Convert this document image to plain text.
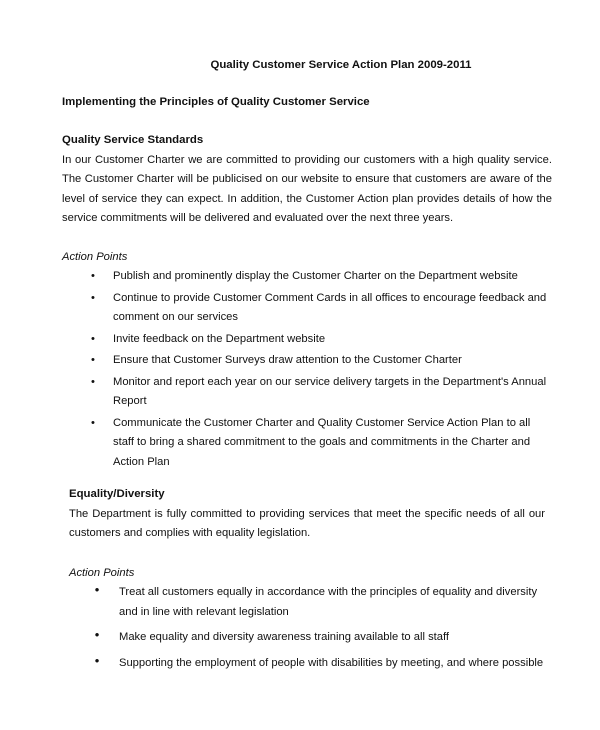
Quality Customer Service Action Plan 2009-2011
Implementing the Principles of Quality Customer Service
Quality Service Standards

In our Customer Charter we are committed to providing our customers with a high quality service. The Customer Charter will be publicised on our website to ensure that customers are aware of the level of service they can expect. In addition, the Customer Action plan provides details of how the service commitments will be delivered and evaluated over the next three years.

Action Points
• Publish and prominently display the Customer Charter on the Department website
• Continue to provide Customer Comment Cards in all offices to encourage feedback and comment on our services
• Invite feedback on the Department website
• Ensure that Customer Surveys draw attention to the Customer Charter
• Monitor and report each year on our service delivery targets in the Department's Annual Report
• Communicate the Customer Charter and Quality Customer Service Action Plan to all staff to bring a shared commitment to the goals and commitments in the Charter and Action Plan
Equality/Diversity

The Department is fully committed to providing services that meet the specific needs of all our customers and complies with equality legislation.

Action Points
• Treat all customers equally in accordance with the principles of equality and diversity and in line with relevant legislation
• Make equality and diversity awareness training available to all staff
• Supporting the employment of people with disabilities by meeting, and where possible
